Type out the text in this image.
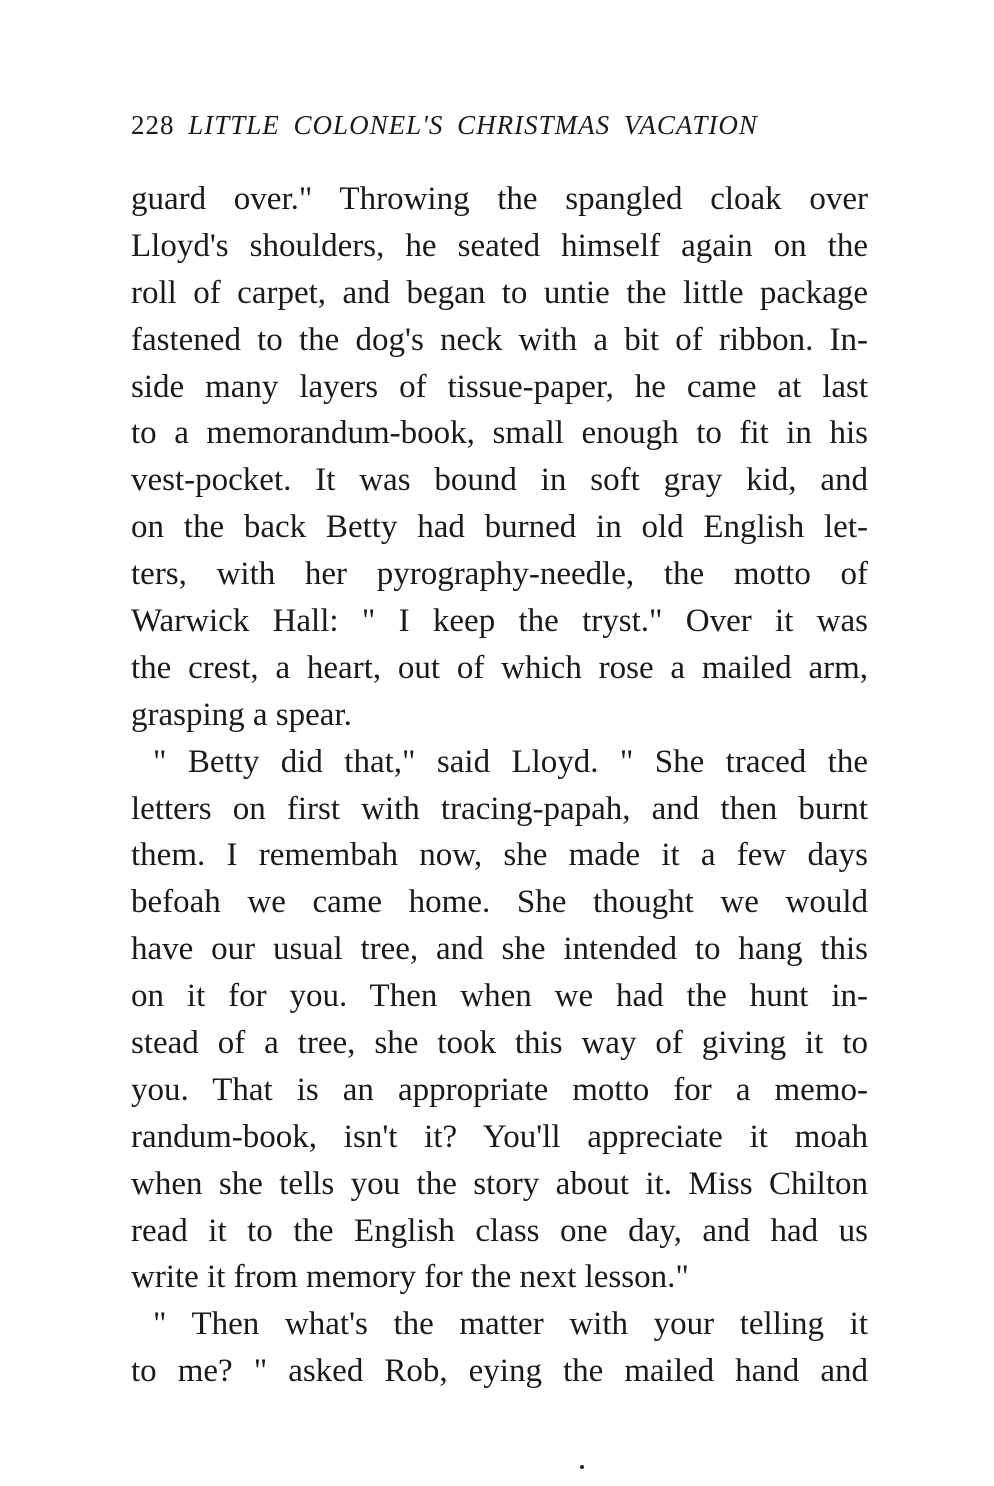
228 LITTLE COLONEL'S CHRISTMAS VACATION
guard over." Throwing the spangled cloak over
Lloyd's shoulders, he seated himself again on the
roll of carpet, and began to untie the little package
fastened to the dog's neck with a bit of ribbon. In-
side many layers of tissue-paper, he came at last
to a memorandum-book, small enough to fit in his
vest-pocket. It was bound in soft gray kid, and
on the back Betty had burned in old English let-
ters, with her pyrography-needle, the motto of
Warwick Hall: " I keep the tryst." Over it was
the crest, a heart, out of which rose a mailed arm,
grasping a spear.
" Betty did that," said Lloyd. " She traced the
letters on first with tracing-papah, and then burnt
them. I remembah now, she made it a few days
befoah we came home. She thought we would
have our usual tree, and she intended to hang this
on it for you. Then when we had the hunt in-
stead of a tree, she took this way of giving it to
you. That is an appropriate motto for a memo-
randum-book, isn't it? You'll appreciate it moah
when she tells you the story about it. Miss Chilton
read it to the English class one day, and had us
write it from memory for the next lesson."
" Then what's the matter with your telling it
to me? " asked Rob, eying the mailed hand and
